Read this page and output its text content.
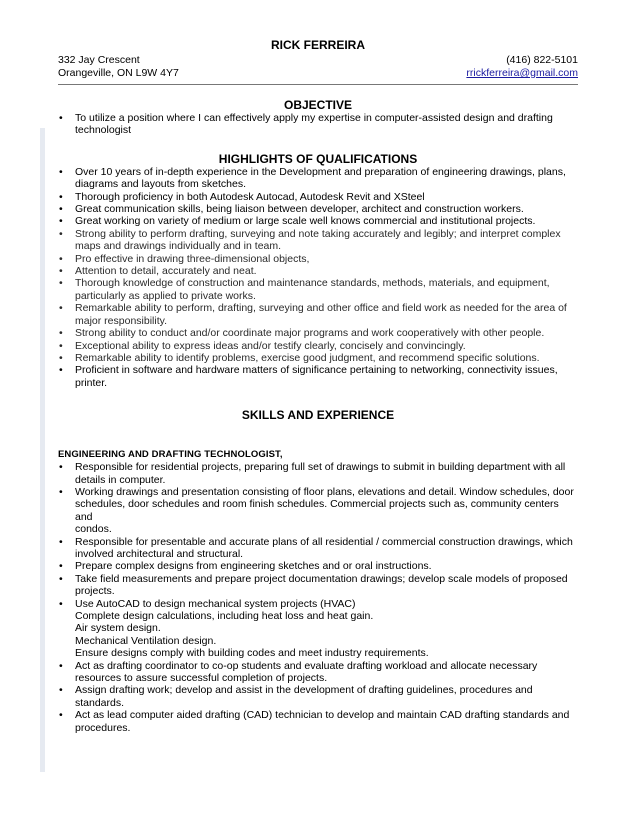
RICK FERREIRA
332 Jay Crescent	(416) 822-5101
Orangeville, ON L9W 4Y7	rrickferreira@gmail.com
OBJECTIVE
• To utilize a position where I can effectively apply my expertise in computer-assisted design and drafting
technologist
HIGHLIGHTS OF QUALIFICATIONS
• Over 10 years of in-depth experience in the Development and preparation of engineering drawings, plans,
diagrams and layouts from sketches.
• Thorough proficiency in both Autodesk Autocad, Autodesk Revit and XSteel
• Great communication skills, being liaison between developer, architect and construction workers.
• Great working on variety of medium or large scale well knows commercial and institutional projects.
• Strong ability to perform drafting, surveying and note taking accurately and legibly; and interpret complex
maps and drawings individually and in team.
• Pro effective in drawing three-dimensional objects,
• Attention to detail, accurately and neat.
• Thorough knowledge of construction and maintenance standards, methods, materials, and equipment,
particularly as applied to private works.
• Remarkable ability to perform, drafting, surveying and other office and field work as needed for the area of
major responsibility.
• Strong ability to conduct and/or coordinate major programs and work cooperatively with other people.
• Exceptional ability to express ideas and/or testify clearly, concisely and convincingly.
• Remarkable ability to identify problems, exercise good judgment, and recommend specific solutions.
• Proficient in software and hardware matters of significance pertaining to networking, connectivity issues,
printer.
SKILLS AND EXPERIENCE
ENGINEERING AND DRAFTING TECHNOLOGIST,
• Responsible for residential projects, preparing full set of drawings to submit in building department with all
details in computer.
• Working drawings and presentation consisting of floor plans, elevations and detail. Window schedules, door
schedules, door schedules and room finish schedules. Commercial projects such as, community centers and
condos.
• Responsible for presentable and accurate plans of all residential / commercial construction drawings, which
involved architectural and structural.
• Prepare complex designs from engineering sketches and or oral instructions.
• Take field measurements and prepare project documentation drawings; develop scale models of proposed
projects.
• Use AutoCAD to design mechanical system projects (HVAC)
Complete design calculations, including heat loss and heat gain.
Air system design.
Mechanical Ventilation design.
Ensure designs comply with building codes and meet industry requirements.
• Act as drafting coordinator to co-op students and evaluate drafting workload and allocate necessary
resources to assure successful completion of projects.
• Assign drafting work; develop and assist in the development of drafting guidelines, procedures and standards.
• Act as lead computer aided drafting (CAD) technician to develop and maintain CAD drafting standards and
procedures.
